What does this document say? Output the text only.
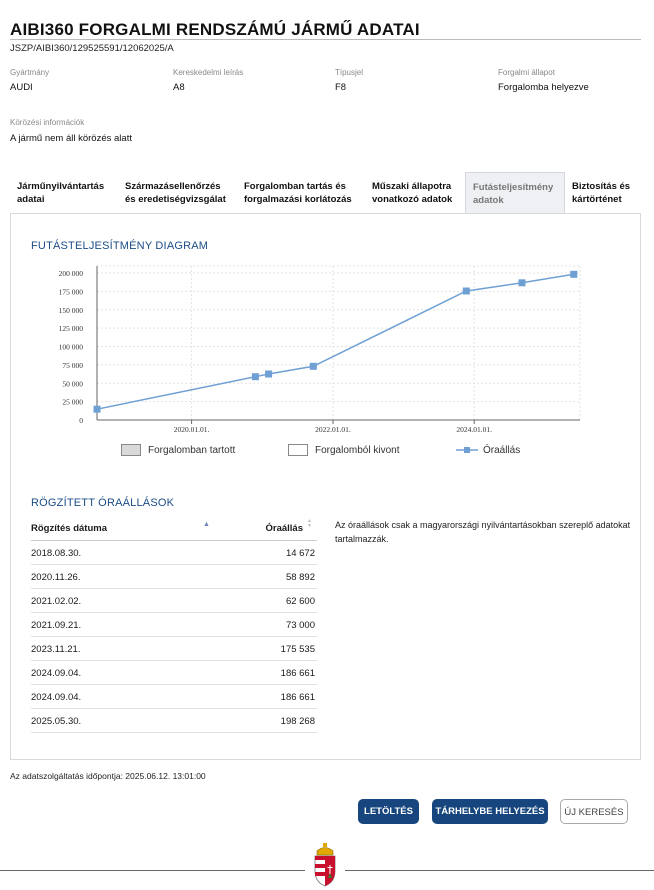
AIBI360 FORGALMI RENDSZÁMÚ JÁRMŰ ADATAI
JSZP/AIBI360/129525591/12062025/A
Gyártmány
AUDI
Kereskedelmi leírás
A8
Típusjel
F8
Forgalmi állapot
Forgalomba helyezve
Körözési információk
A jármű nem áll körözés alatt
Járműnyilvántartás
adatai
Származásellenőrzés
és eredetiségvizsgálat
Forgalomban tartás és
forgalmazási korlátozás
Műszaki állapotra
vonatkozó adatok
Futásteljesítmény
adatok
Biztosítás és
kártörténet
FUTÁSTELJESÍTMÉNY DIAGRAM
0
25 000
50 000
75 000
100 000
125 000
150 000
175 000
200 000
2020.01.01.	2022.01.01.	2024.01.01.
Forgalomban tartott	Forgalomból kivont	Óraállás
RÖGZÍTETT ÓRAÁLLÁSOK
Rögzítés dátuma	▲	Óraállás
▲
▼
2018.08.30.	14 672
2020.11.26.	58 892
2021.02.02.	62 600
2021.09.21.	73 000
2023.11.21.	175 535
2024.09.04.	186 661
2024.09.04.	186 661
2025.05.30.	198 268
Az óraállások csak a magyarországi nyilvántartásokban szereplő adatokat tartalmazzák.
Az adatszolgáltatás időpontja: 2025.06.12. 13:01:00
LETÖLTÉS	TÁRHELYBE HELYEZÉS	ÚJ KERESÉS
